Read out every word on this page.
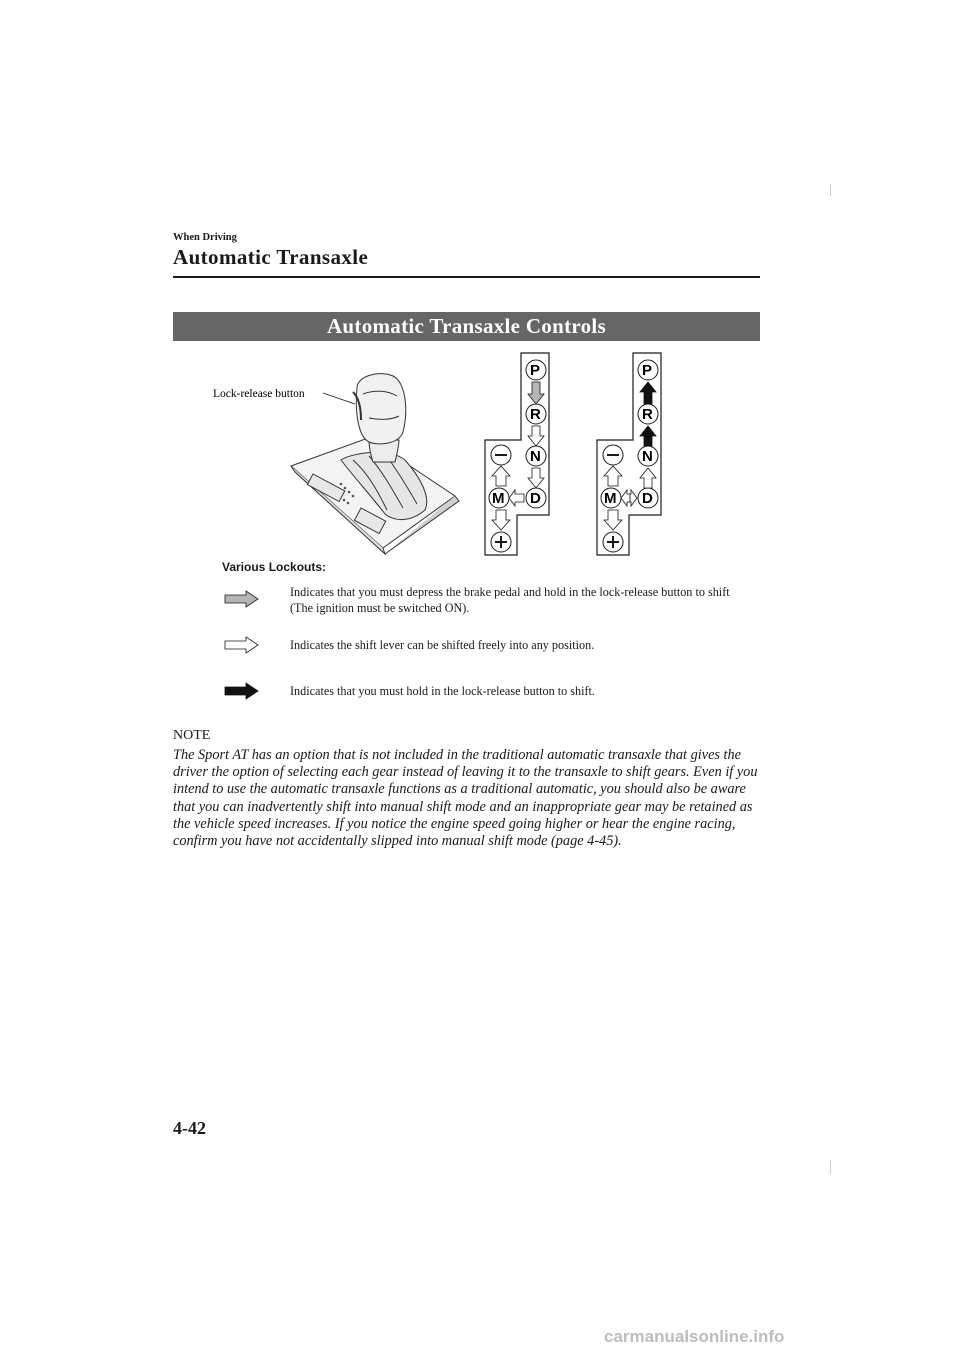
When Driving
Automatic Transaxle
Automatic Transaxle Controls
Lock-release button
P
R
N
D
M
P
R
N
D
M
Various Lockouts:
Indicates that you must depress the brake pedal and hold in the lock-release button to shift (The ignition must be switched ON).
Indicates the shift lever can be shifted freely into any position.
Indicates that you must hold in the lock-release button to shift.
NOTE
The Sport AT has an option that is not included in the traditional automatic transaxle that gives the driver the option of selecting each gear instead of leaving it to the transaxle to shift gears. Even if you intend to use the automatic transaxle functions as a traditional automatic, you should also be aware that you can inadvertently shift into manual shift mode and an inappropriate gear may be retained as the vehicle speed increases. If you notice the engine speed going higher or hear the engine racing, confirm you have not accidentally slipped into manual shift mode (page 4-45).
4-42
carmanualsonline.info
